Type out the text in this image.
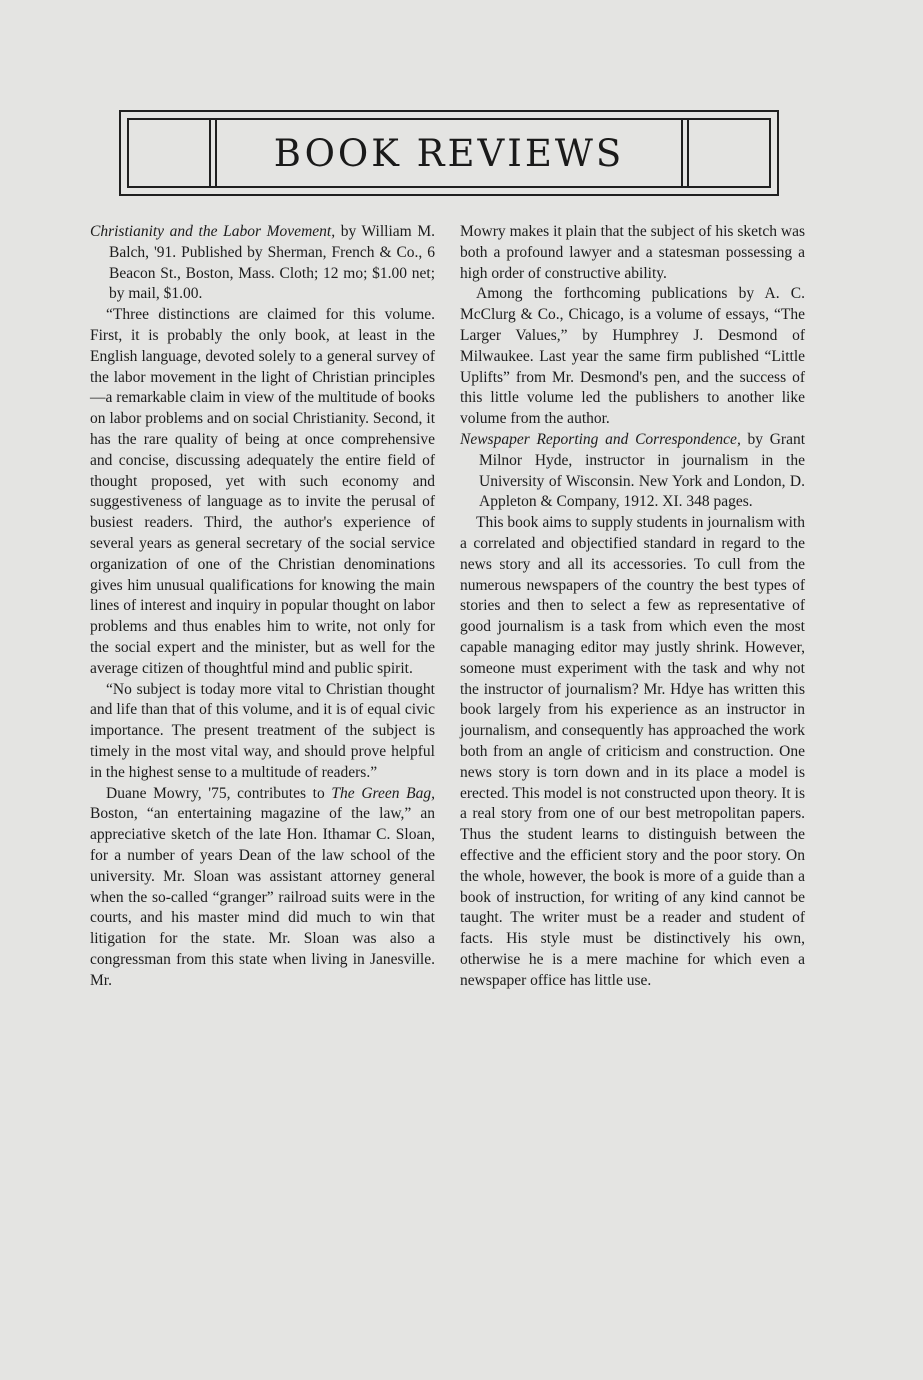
BOOK REVIEWS

Christianity and the Labor Movement, by William M. Balch, '91. Published by Sherman, French & Co., 6 Beacon St., Boston, Mass. Cloth; 12 mo; $1.00 net; by mail, $1.00.

“Three distinctions are claimed for this volume. First, it is probably the only book, at least in the English language, devoted solely to a general survey of the labor movement in the light of Christian principles—a remarkable claim in view of the multitude of books on labor problems and on social Christianity. Second, it has the rare quality of being at once comprehensive and concise, discussing adequately the entire field of thought proposed, yet with such economy and suggestiveness of language as to invite the perusal of busiest readers. Third, the author's experience of several years as general secretary of the social service organization of one of the Christian denominations gives him unusual qualifications for knowing the main lines of interest and inquiry in popular thought on labor problems and thus enables him to write, not only for the social expert and the minister, but as well for the average citizen of thoughtful mind and public spirit.

“No subject is today more vital to Christian thought and life than that of this volume, and it is of equal civic importance. The present treatment of the subject is timely in the most vital way, and should prove helpful in the highest sense to a multitude of readers.”

Duane Mowry, '75, contributes to The Green Bag, Boston, “an entertaining magazine of the law,” an appreciative sketch of the late Hon. Ithamar C. Sloan, for a number of years Dean of the law school of the university. Mr. Sloan was assistant attorney general when the so-called “granger” railroad suits were in the courts, and his master mind did much to win that litigation for the state. Mr. Sloan was also a congressman from this state when living in Janesville. Mr.

Mowry makes it plain that the subject of his sketch was both a profound lawyer and a statesman possessing a high order of constructive ability.

Among the forthcoming publications by A. C. McClurg & Co., Chicago, is a volume of essays, “The Larger Values,” by Humphrey J. Desmond of Milwaukee. Last year the same firm published “Little Uplifts” from Mr. Desmond's pen, and the success of this little volume led the publishers to another like volume from the author.

Newspaper Reporting and Correspondence, by Grant Milnor Hyde, instructor in journalism in the University of Wisconsin. New York and London, D. Appleton & Company, 1912. XI. 348 pages.

This book aims to supply students in journalism with a correlated and objectified standard in regard to the news story and all its accessories. To cull from the numerous newspapers of the country the best types of stories and then to select a few as representative of good journalism is a task from which even the most capable managing editor may justly shrink. However, someone must experiment with the task and why not the instructor of journalism? Mr. Hdye has written this book largely from his experience as an instructor in journalism, and consequently has approached the work both from an angle of criticism and construction. One news story is torn down and in its place a model is erected. This model is not constructed upon theory. It is a real story from one of our best metropolitan papers. Thus the student learns to distinguish between the effective and the efficient story and the poor story. On the whole, however, the book is more of a guide than a book of instruction, for writing of any kind cannot be taught. The writer must be a reader and student of facts. His style must be distinctively his own, otherwise he is a mere machine for which even a newspaper office has little use.
